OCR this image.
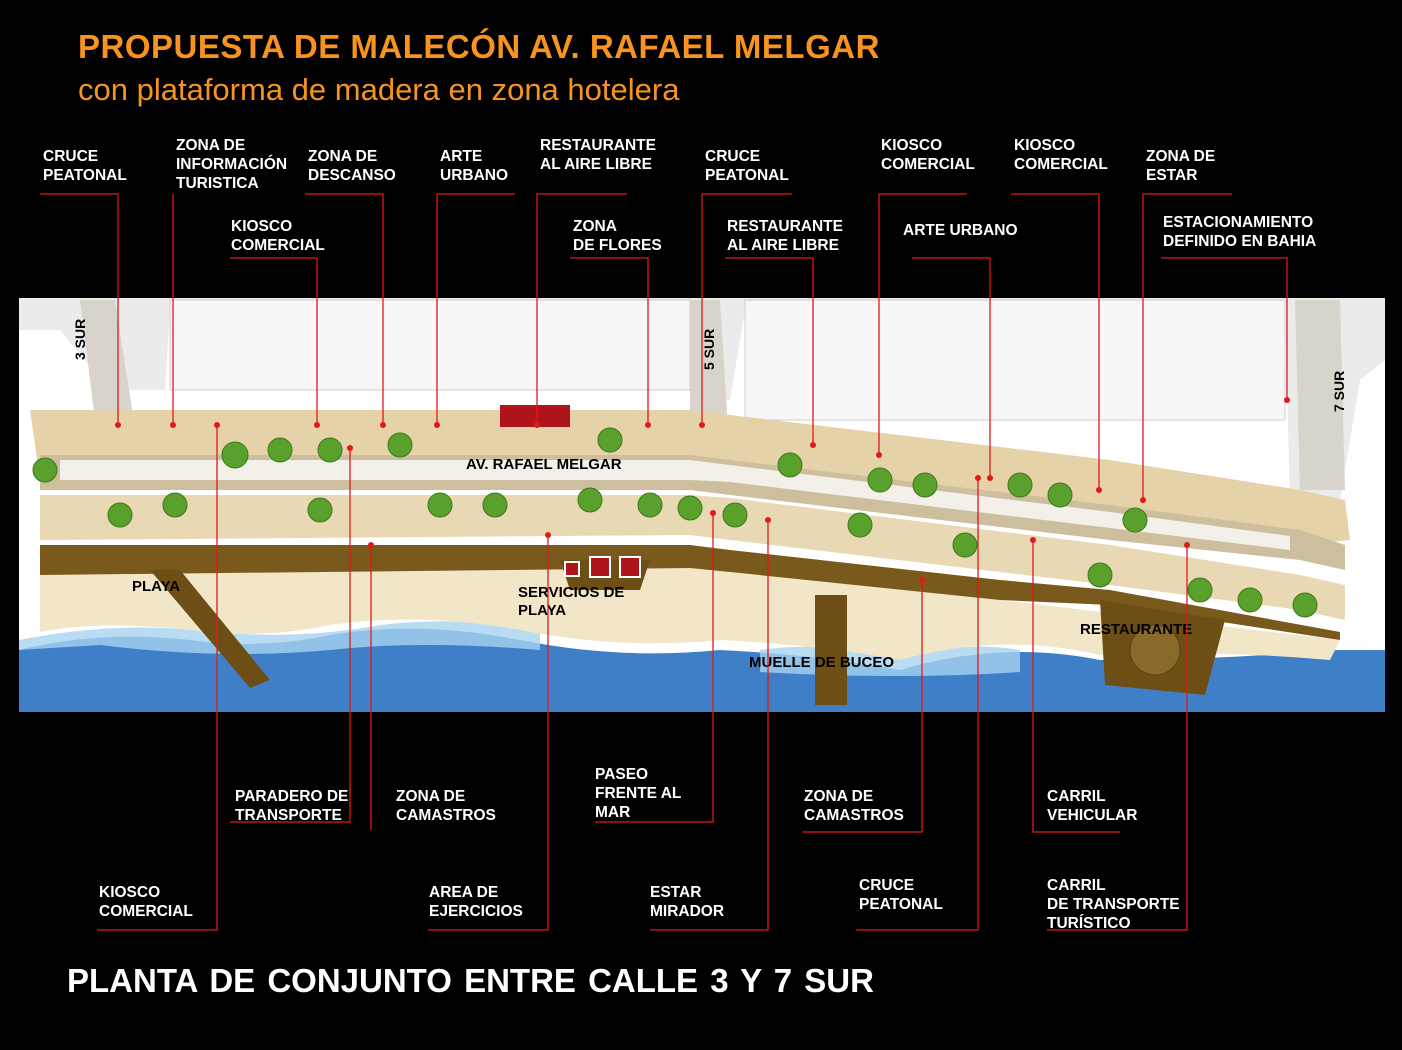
PROPUESTA DE MALECÓN AV. RAFAEL MELGAR
con plataforma de madera en zona hotelera
3 SUR	5 SUR
7 SUR
AV. RAFAEL MELGAR
PLAYA	SERVICIOS DE PLAYA
MUELLE DE BUCEO
RESTAURANTE
CRUCE
PEATONAL
ZONA DE
INFORMACIÓN
TURISTICA
ZONA DE
DESCANSO
ARTE
URBANO
RESTAURANTE
AL AIRE LIBRE	CRUCE
PEATONAL
KIOSCO
COMERCIAL
KIOSCO
COMERCIAL ZONA DE
ESTAR
KIOSCO
COMERCIAL
ZONA
DE FLORES
RESTAURANTE
AL AIRE LIBRE
ARTE URBANO	ESTACIONAMIENTO
DEFINIDO EN BAHIA
PARADERO DE
TRANSPORTE
ZONA DE
CAMASTROS
PASEO
FRENTE AL
MAR
ZONA DE
CAMASTROS
CARRIL
VEHICULAR
KIOSCO
COMERCIAL
AREA DE
EJERCICIOS
ESTAR
MIRADOR
CRUCE
PEATONAL
CARRIL
DE TRANSPORTE
TURÍSTICO
PLANTA DE CONJUNTO ENTRE CALLE 3 Y 7 SUR
